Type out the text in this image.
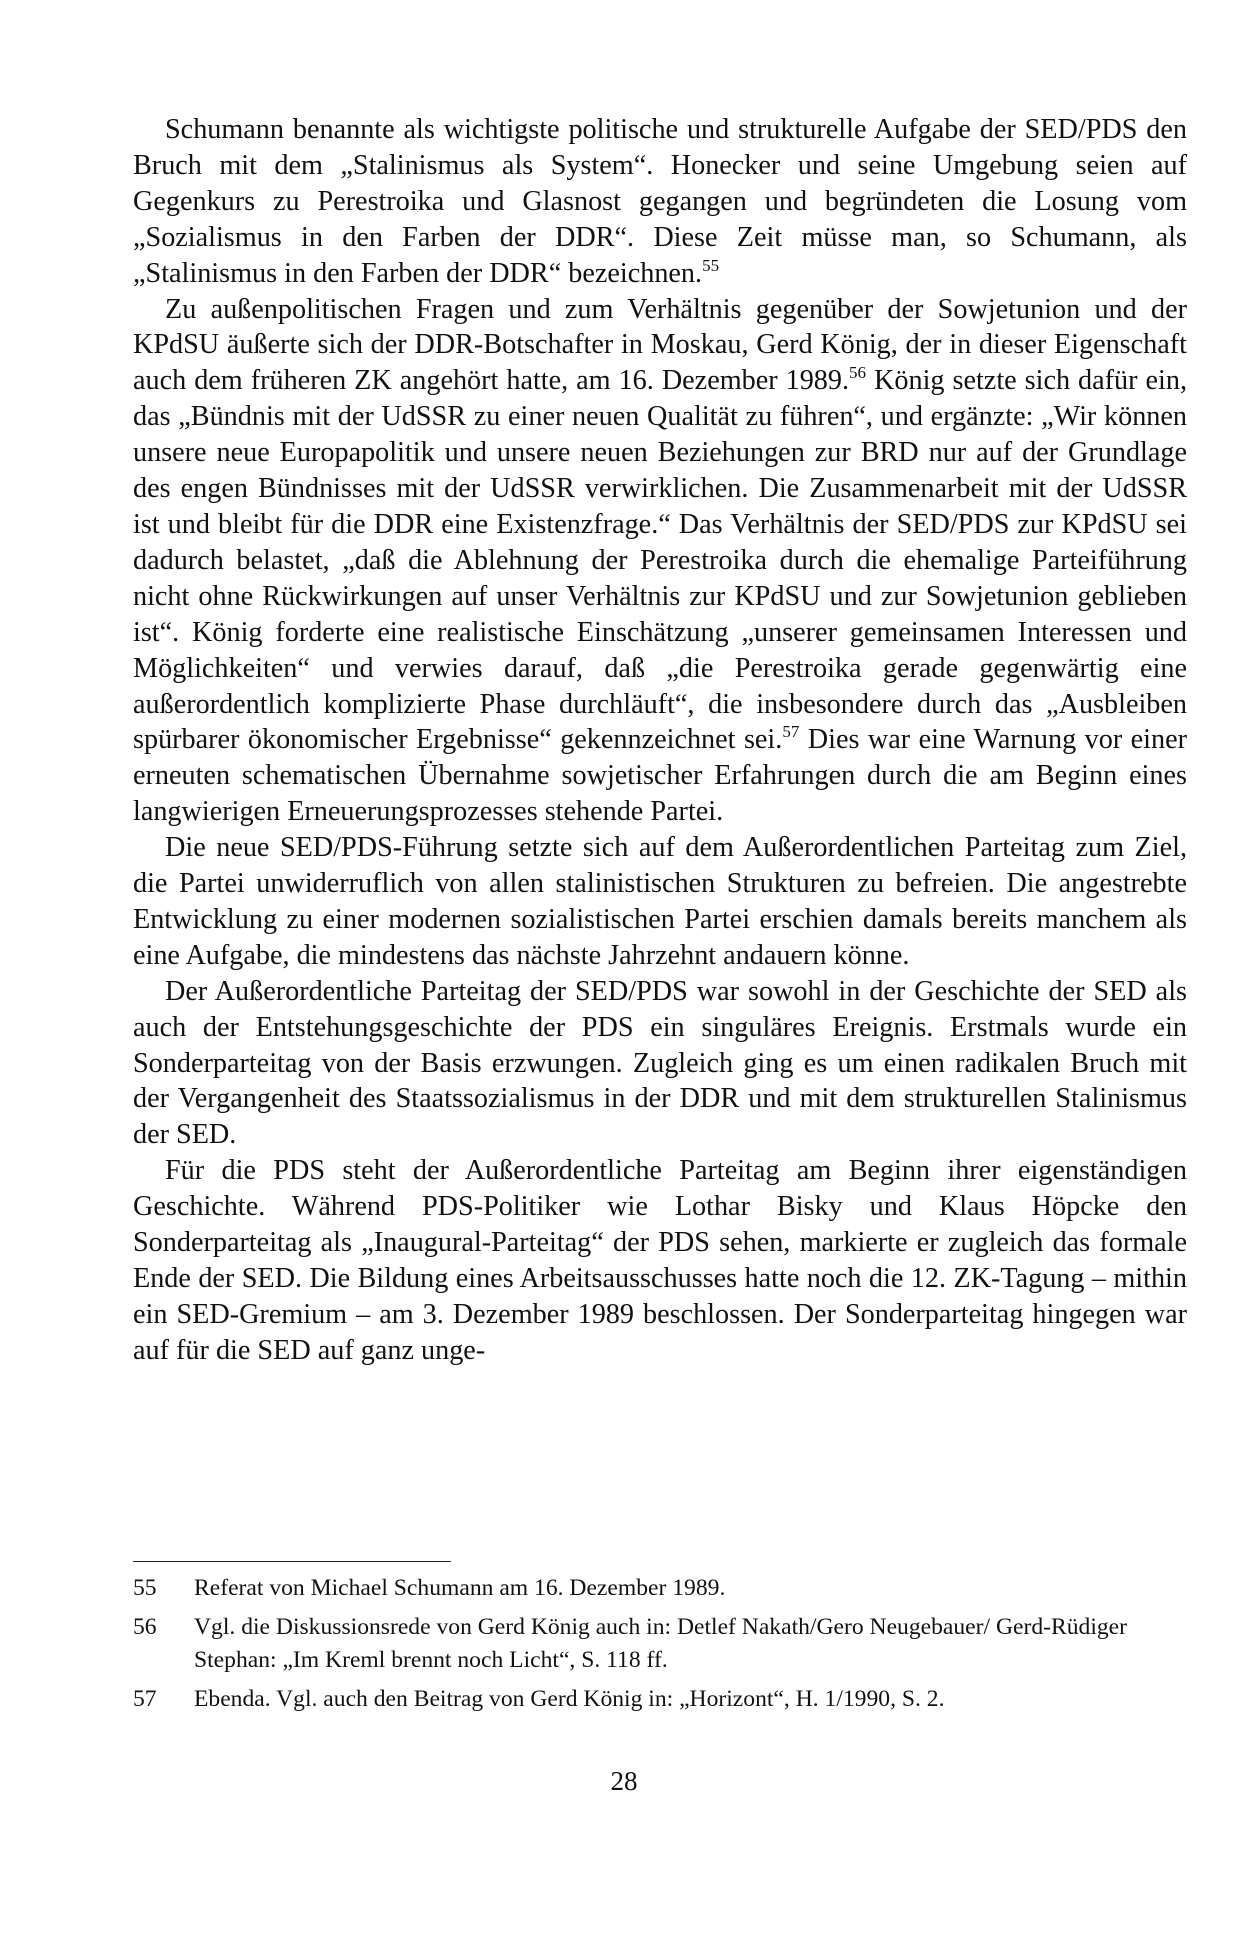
Schumann benannte als wichtigste politische und strukturelle Aufgabe der SED/PDS den Bruch mit dem „Stalinismus als System“. Honecker und seine Umgebung seien auf Gegenkurs zu Perestroika und Glasnost gegangen und begründeten die Losung vom „Sozialismus in den Farben der DDR“. Diese Zeit müsse man, so Schumann, als „Stalinismus in den Farben der DDR“ bezeichnen.$^{55}$

Zu außenpolitischen Fragen und zum Verhältnis gegenüber der Sowjetunion und der KPdSU äußerte sich der DDR-Botschafter in Moskau, Gerd König, der in dieser Eigenschaft auch dem früheren ZK angehört hatte, am 16. Dezember 1989.56 König setzte sich dafür ein, das „Bündnis mit der UdSSR zu einer neuen Qualität zu führen“, und ergänzte: „Wir können unsere neue Europapolitik und unsere neuen Beziehungen zur BRD nur auf der Grundlage des engen Bündnisses mit der UdSSR verwirklichen. Die Zusammenarbeit mit der UdSSR ist und bleibt für die DDR eine Existenzfrage.“ Das Verhältnis der SED/PDS zur KPdSU sei dadurch belastet, „daß die Ablehnung der Perestroika durch die ehemalige Parteiführung nicht ohne Rückwirkungen auf unser Verhältnis zur KPdSU und zur Sowjetunion geblieben ist“. König forderte eine realistische Einschätzung „unserer gemeinsamen Interessen und Möglichkeiten“ und verwies darauf, daß „die Perestroika gerade gegenwärtig eine außerordentlich komplizierte Phase durchläuft“, die insbesondere durch das „Ausbleiben spürbarer ökonomischer Ergebnisse“ gekennzeichnet sei.$^{57}$ Dies war eine Warnung vor einer erneuten schematischen Übernahme sowjetischer Erfahrungen durch die am Beginn eines langwierigen Erneuerungsprozesses stehende Partei.

Die neue SED/PDS-Führung setzte sich auf dem Außerordentlichen Parteitag zum Ziel, die Partei unwiderruflich von allen stalinistischen Strukturen zu befreien. Die angestrebte Entwicklung zu einer modernen sozialistischen Partei erschien damals bereits manchem als eine Aufgabe, die mindestens das nächste Jahrzehnt andauern könne.

Der Außerordentliche Parteitag der SED/PDS war sowohl in der Geschichte der SED als auch der Entstehungsgeschichte der PDS ein singuläres Ereignis. Erstmals wurde ein Sonderparteitag von der Basis erzwungen. Zugleich ging es um einen radikalen Bruch mit der Vergangenheit des Staatssozialismus in der DDR und mit dem strukturellen Stalinismus der SED.

Für die PDS steht der Außerordentliche Parteitag am Beginn ihrer eigenständigen Geschichte. Während PDS-Politiker wie Lothar Bisky und Klaus Höpcke den Sonderparteitag als „Inaugural-Parteitag“ der PDS sehen, markierte er zugleich das formale Ende der SED. Die Bildung eines Arbeitsausschusses hatte noch die 12. ZK-Tagung – mithin ein SED-Gremium – am 3. Dezember 1989 beschlossen. Der Sonderparteitag hingegen war auf für die SED auf ganz unge-

55 Referat von Michael Schumann am 16. Dezember 1989.
56 Vgl. die Diskussionsrede von Gerd König auch in: Detlef Nakath/Gero Neugebauer/ Gerd-Rüdiger Stephan: „Im Kreml brennt noch Licht“, S. 118 ff.
57 Ebenda. Vgl. auch den Beitrag von Gerd König in: „Horizont“, H. 1/1990, S. 2.
28
